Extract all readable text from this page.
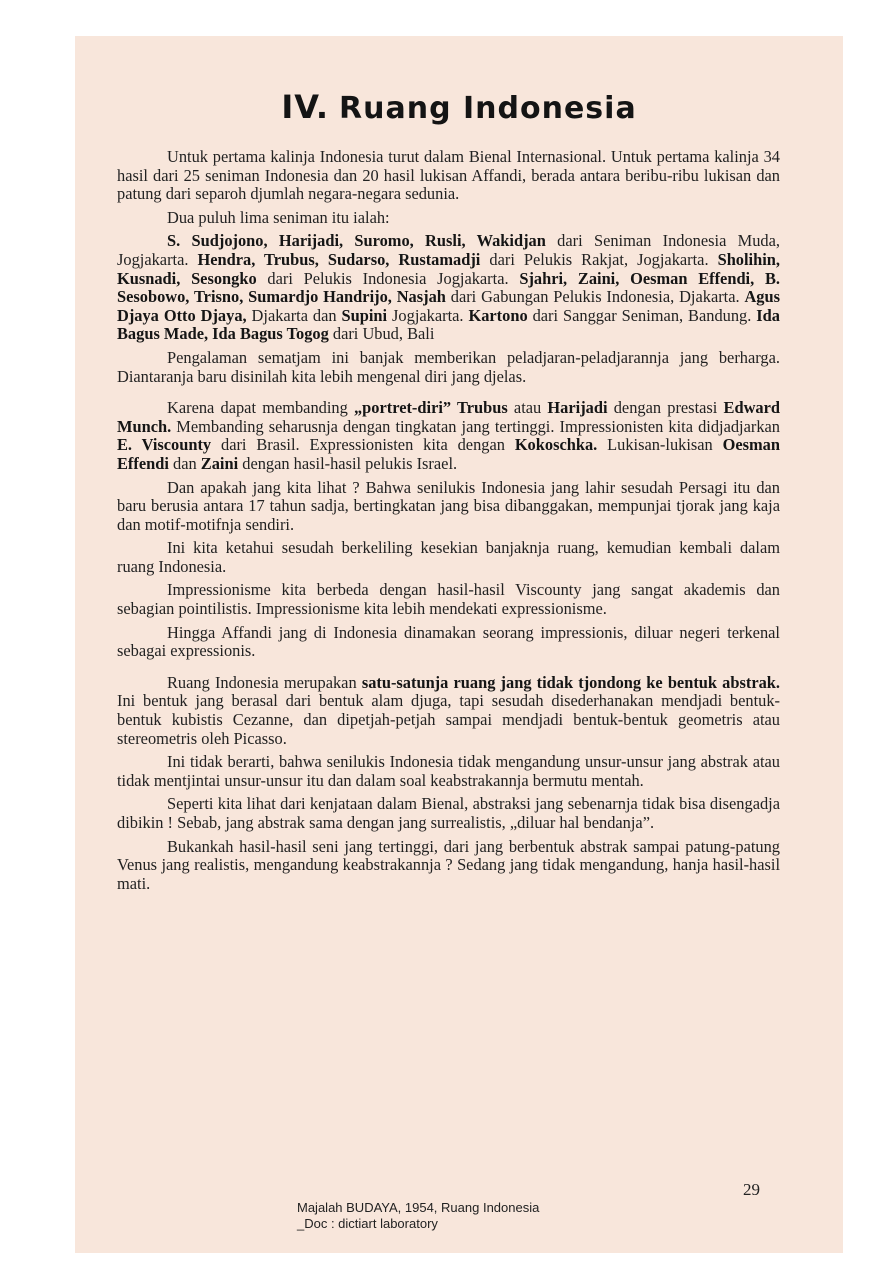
IV. Ruang Indonesia

Untuk pertama kalinja Indonesia turut dalam Bienal Internasional. Untuk pertama kalinja 34 hasil dari 25 seniman Indonesia dan 20 hasil lukisan Affandi, berada antara beribu-ribu lukisan dan patung dari separoh djumlah negara-negara sedunia.

Dua puluh lima seniman itu ialah:

S. Sudjojono, Harijadi, Suromo, Rusli, Wakidjan dari Seniman Indonesia Muda, Jogjakarta. Hendra, Trubus, Sudarso, Rustamadji dari Pelukis Rakjat, Jogjakarta. Sholihin, Kusnadi, Sesongko dari Pelukis Indonesia Jogjakarta. Sjahri, Zaini, Oesman Effendi, B. Sesobowo, Trisno, Sumardjo Handrijo, Nasjah dari Gabungan Pelukis Indonesia, Djakarta. Agus Djaya Otto Djaya, Djakarta dan Supini Jogjakarta. Kartono dari Sanggar Seniman, Bandung. Ida Bagus Made, Ida Bagus Togog dari Ubud, Bali

Pengalaman sematjam ini banjak memberikan peladjaran-peladjarannja jang berharga. Diantaranja baru disinilah kita lebih mengenal diri jang djelas.

Karena dapat membanding „portret-diri” Trubus atau Harijadi dengan prestasi Edward Munch. Membanding seharusnja dengan tingkatan jang tertinggi. Impressionisten kita didjadjarkan E. Viscounty dari Brasil. Expressionisten kita dengan Kokoschka. Lukisan-lukisan Oesman Effendi dan Zaini dengan hasil-hasil pelukis Israel.

Dan apakah jang kita lihat ? Bahwa senilukis Indonesia jang lahir sesudah Persagi itu dan baru berusia antara 17 tahun sadja, bertingkatan jang bisa dibanggakan, mempunjai tjorak jang kaja dan motif-motifnja sendiri.

Ini kita ketahui sesudah berkeliling kesekian banjaknja ruang, kemudian kembali dalam ruang Indonesia.

Impressionisme kita berbeda dengan hasil-hasil Viscounty jang sangat akademis dan sebagian pointilistis. Impressionisme kita lebih mendekati expressionisme.

Hingga Affandi jang di Indonesia dinamakan seorang impressionis, diluar negeri terkenal sebagai expressionis.

Ruang Indonesia merupakan satu-satunja ruang jang tidak tjondong ke bentuk abstrak. Ini bentuk jang berasal dari bentuk alam djuga, tapi sesudah disederhanakan mendjadi bentuk-bentuk kubistis Cezanne, dan dipetjah-petjah sampai mendjadi bentuk-bentuk geometris atau stereometris oleh Picasso.

Ini tidak berarti, bahwa senilukis Indonesia tidak mengandung unsur-unsur jang abstrak atau tidak mentjintai unsur-unsur itu dan dalam soal keabstrakannja bermutu mentah.

Seperti kita lihat dari kenjataan dalam Bienal, abstraksi jang sebenarnja tidak bisa disengadja dibikin ! Sebab, jang abstrak sama dengan jang surrealistis, „diluar hal bendanja”.

Bukankah hasil-hasil seni jang tertinggi, dari jang berbentuk abstrak sampai patung-patung Venus jang realistis, mengandung keabstrakannja ? Sedang jang tidak mengandung, hanja hasil-hasil mati.

29
Majalah BUDAYA, 1954, Ruang Indonesia
_Doc : dictiart laboratory
